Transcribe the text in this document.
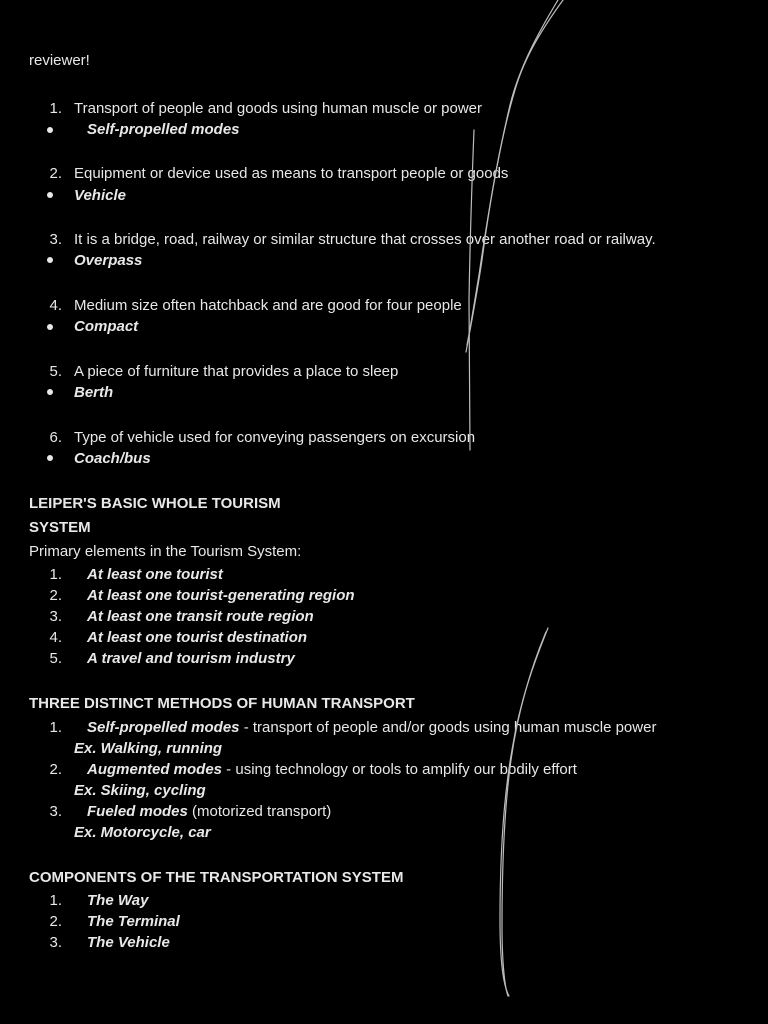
reviewer!
1. Transport of people and goods using human muscle or power
Self-propelled modes
2. Equipment or device used as means to transport people or goods
Vehicle
3. It is a bridge, road, railway or similar structure that crosses over another road or railway.
Overpass
4. Medium size often hatchback and are good for four people
Compact
5. A piece of furniture that provides a place to sleep
Berth
6. Type of vehicle used for conveying passengers on excursion
Coach/bus
LEIPER'S BASIC WHOLE TOURISM
SYSTEM
Primary elements in the Tourism System:
1. At least one tourist
2. At least one tourist-generating region
3. At least one transit route region
4. At least one tourist destination
5. A travel and tourism industry
THREE DISTINCT METHODS OF HUMAN TRANSPORT
1. Self-propelled modes - transport of people and/or goods using human muscle power
Ex. Walking, running
2. Augmented modes - using technology or tools to amplify our bodily effort
Ex. Skiing, cycling
3. Fueled modes (motorized transport)
Ex. Motorcycle, car
COMPONENTS OF THE TRANSPORTATION SYSTEM
1. The Way
2. The Terminal
3. The Vehicle
